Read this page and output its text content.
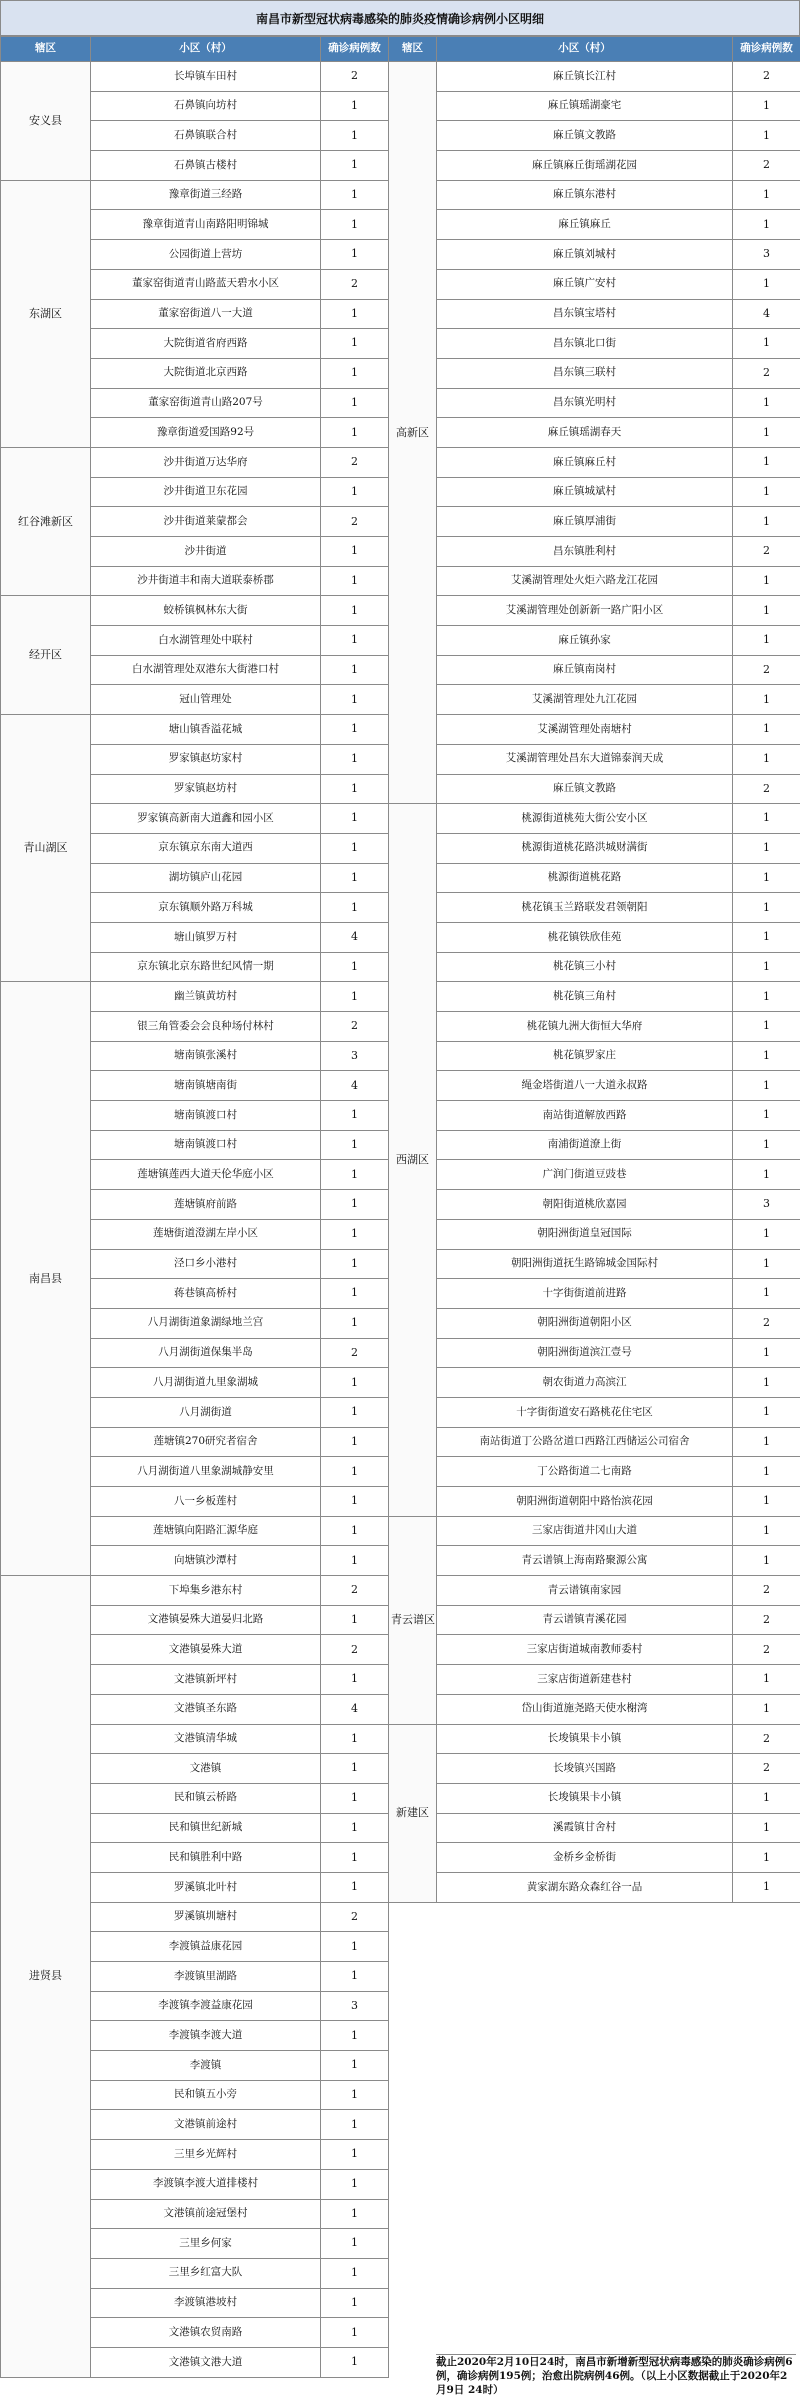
南昌市新型冠状病毒感染的肺炎疫情确诊病例小区明细
辖区	小区（村）	确诊病例数
安义县	长埠镇车田村	2
	石鼻镇向坊村	1
	石鼻镇联合村	1
	石鼻镇古楼村	1
东湖区	豫章街道三经路	1
	豫章街道青山南路阳明锦城	1
	公园街道上营坊	1
	董家窑街道青山路蓝天碧水小区	2
	董家窑街道八一大道	1
	大院街道省府西路	1
	大院街道北京西路	1
	董家窑街道青山路207号	1
	豫章街道爱国路92号	1
红谷滩新区	沙井街道万达华府	2
	沙井街道卫东花园	1
	沙井街道莱蒙都会	2
	沙井街道	1
	沙井街道丰和南大道联泰桥郡	1
经开区	蛟桥镇枫林东大街	1
	白水湖管理处中联村	1
	白水湖管理处双港东大街港口村	1
	冠山管理处	1
青山湖区	塘山镇香溢花城	1
	罗家镇赵坊家村	1
	罗家镇赵坊村	1
	罗家镇高新南大道鑫和园小区	1
	京东镇京东南大道西	1
	湖坊镇庐山花园	1
	京东镇顺外路万科城	1
	塘山镇罗万村	4
	京东镇北京东路世纪风情一期	1
南昌县	幽兰镇黄坊村	1
	银三角管委会会良种场付林村	2
	塘南镇张溪村	3
	塘南镇塘南街	4
	塘南镇渡口村	1
	塘南镇渡口村	1
	莲塘镇莲西大道天伦华庭小区	1
	莲塘镇府前路	1
	莲塘街道澄湖左岸小区	1
	泾口乡小港村	1
	蒋巷镇高桥村	1
	八月湖街道象湖绿地兰宫	1
	八月湖街道保集半岛	2
	八月湖街道九里象湖城	1
	八月湖街道	1
	莲塘镇270研究者宿舍	1
	八月湖街道八里象湖城静安里	1
	八一乡板莲村	1
	莲塘镇向阳路汇源华庭	1
	向塘镇沙潭村	1
进贤县	下埠集乡港东村	2
	文港镇晏殊大道晏归北路	1
	文港镇晏殊大道	2
	文港镇新坪村	1
	文港镇圣东路	4
	文港镇清华城	1
	文港镇	1
	民和镇云桥路	1
	民和镇世纪新城	1
	民和镇胜利中路	1
	罗溪镇北叶村	1
	罗溪镇圳塘村	2
	李渡镇益康花园	1
	李渡镇里湖路	1
	李渡镇李渡益康花园	3
	李渡镇李渡大道	1
	李渡镇	1
	民和镇五小旁	1
	文港镇前途村	1
	三里乡光辉村	1
	李渡镇李渡大道排楼村	1
	文港镇前途冠堡村	1
	三里乡何家	1
	三里乡红富大队	1
	李渡镇港坡村	1
	文港镇农贸南路	1
	文港镇文港大道	1
辖区	小区（村）	确诊病例数
高新区	麻丘镇长江村	2
	麻丘镇瑶湖豪宅	1
	麻丘镇文教路	1
	麻丘镇麻丘街瑶湖花园	2
	麻丘镇东港村	1
	麻丘镇麻丘	1
	麻丘镇刘城村	3
	麻丘镇广安村	1
	昌东镇宝塔村	4
	昌东镇北口街	1
	昌东镇三联村	2
	昌东镇光明村	1
	麻丘镇瑶湖春天	1
	麻丘镇麻丘村	1
	麻丘镇城斌村	1
	麻丘镇厚浦街	1
	昌东镇胜利村	2
	艾溪湖管理处火炬六路龙江花园	1
	艾溪湖管理处创新新一路广阳小区	1
	麻丘镇孙家	1
	麻丘镇南岗村	2
	艾溪湖管理处九江花园	1
	艾溪湖管理处南塘村	1
	艾溪湖管理处昌东大道锦泰润天成	1
	麻丘镇文教路	2
西湖区	桃源街道桃苑大街公安小区	1
	桃源街道桃花路洪城财满街	1
	桃源街道桃花路	1
	桃花镇玉兰路联发君领朝阳	1
	桃花镇铁欣佳苑	1
	桃花镇三小村	1
	桃花镇三角村	1
	桃花镇九洲大街恒大华府	1
	桃花镇罗家庄	1
	绳金塔街道八一大道永叔路	1
	南站街道解放西路	1
	南浦街道潦上街	1
	广润门街道豆豉巷	1
	朝阳街道桃欣嘉园	3
	朝阳洲街道皇冠国际	1
	朝阳洲街道抚生路锦城金国际村	1
	十字街街道前进路	1
	朝阳洲街道朝阳小区	2
	朝阳洲街道滨江壹号	1
	朝农街道力高滨江	1
	十字街街道安石路桃花住宅区	1
	南站街道丁公路岔道口西路江西储运公司宿舍	1
	丁公路街道二七南路	1
	朝阳洲街道朝阳中路怡滨花园	1
青云谱区	三家店街道井冈山大道	1
	青云谱镇上海南路聚源公寓	1
	青云谱镇南家园	2
	青云谱镇青溪花园	2
	三家店街道城南教师委村	2
	三家店街道新建巷村	1
	岱山街道施尧路天使水榭湾	1
新建区	长埈镇果卡小镇	2
	长埈镇兴国路	2
	长埈镇果卡小镇	1
	溪霞镇甘舍村	1
	金桥乡金桥街	1
	黄家湖东路众森红谷一品	1
截止2020年2月10日24时，南昌市新增新型冠状病毒感染的肺炎确诊病例6例，确诊病例195例；治愈出院病例46例。（以上小区数据截止于2020年2月9日 24时）
